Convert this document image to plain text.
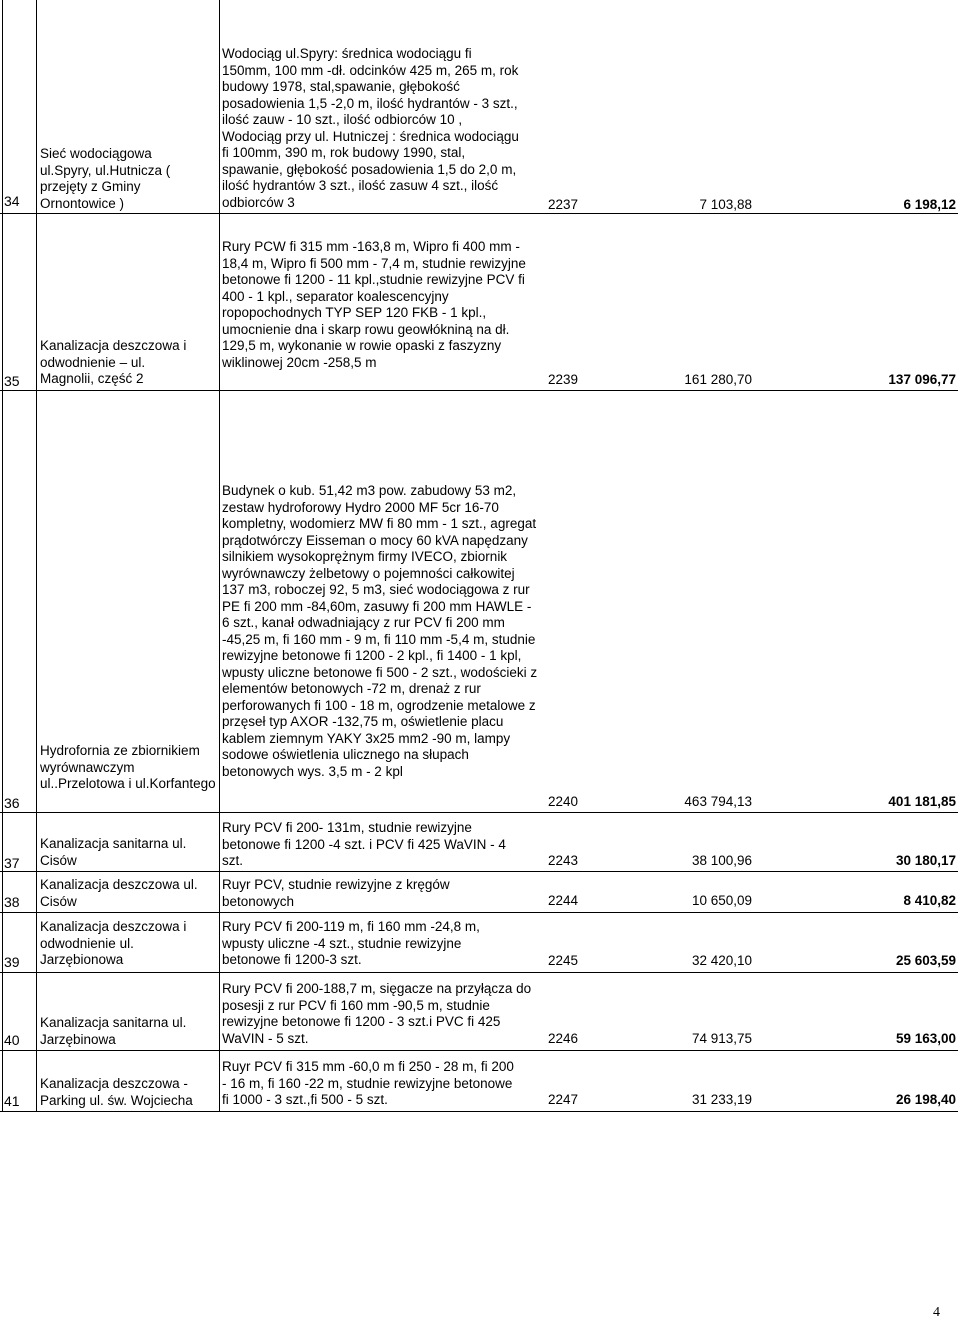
34
Sieć wodociągowa ul.Spyry, ul.Hutnicza ( przejęty z Gminy Ornontowice )
Wodociąg ul.Spyry: średnica wodociągu fi 150mm, 100 mm -dł. odcinków 425 m, 265 m, rok budowy 1978, stal,spawanie, głębokość posadowienia 1,5 -2,0 m, ilość hydrantów - 3 szt., ilość zauw - 10 szt., ilość odbiorców 10 , Wodociąg przy ul. Hutniczej : średnica wodociągu fi 100mm, 390 m, rok budowy 1990, stal, spawanie, głębokość posadowienia 1,5 do 2,0 m, ilość hydrantów 3 szt., ilość zasuw 4 szt., ilość odbiorców 3	2237	7 103,88	6 198,12
35
Kanalizacja deszczowa i odwodnienie – ul. Magnolii, część 2
Rury PCW fi 315 mm -163,8 m, Wipro fi 400 mm - 18,4 m, Wipro fi 500 mm - 7,4 m, studnie rewizyjne betonowe fi 1200 - 11 kpl.,studnie rewizyjne PCV fi 400 - 1 kpl., separator koalescencyjny ropopochodnych TYP SEP 120 FKB - 1 kpl., umocnienie dna i skarp rowu geowłókniną na dł. 129,5 m, wykonanie w rowie opaski z faszyzny wiklinowej 20cm -258,5 m
2239	161 280,70	137 096,77
36
Hydrofornia ze zbiornikiem wyrównawczym ul..Przelotowa i ul.Korfantego
Budynek o kub. 51,42 m3 pow. zabudowy 53 m2, zestaw hydroforowy Hydro 2000 MF 5cr 16-70 kompletny, wodomierz MW fi 80 mm - 1 szt., agregat prądotwórczy Eisseman o mocy 60 kVA napędzany silnikiem wysokoprężnym firmy IVECO, zbiornik wyrównawczy żelbetowy o pojemności całkowitej 137 m3, roboczej 92, 5 m3, sieć wodociągowa z rur PE fi 200 mm -84,60m, zasuwy fi 200 mm HAWLE - 6 szt., kanał odwadniający z rur PCV fi 200 mm -45,25 m, fi 160 mm - 9 m, fi 110 mm -5,4 m, studnie rewizyjne betonowe fi 1200 - 2 kpl., fi 1400 - 1 kpl, wpusty uliczne betonowe fi 500 - 2 szt., wodościeki z elementów betonowych -72 m, drenaż z rur perforowanych fi 100 - 18 m, ogrodzenie metalowe z przęseł typ AXOR -132,75 m, oświetlenie placu kablem ziemnym YAKY 3x25 mm2 -90 m, lampy sodowe oświetlenia ulicznego na słupach betonowych wys. 3,5 m - 2 kpl
2240	463 794,13	401 181,85
37
Kanalizacja sanitarna ul. Cisów
Rury PCV fi 200- 131m, studnie rewizyjne betonowe fi 1200 -4 szt. i PCV fi 425 WaVIN - 4 szt.	2243	38 100,96	30 180,17
38
Kanalizacja deszczowa ul. Cisów
Ruyr PCV, studnie rewizyjne z kręgów betonowych	2244	10 650,09	8 410,82
39
Kanalizacja deszczowa i odwodnienie ul. Jarzębionowa
Rury PCV fi 200-119 m, fi 160 mm -24,8 m, wpusty uliczne -4 szt., studnie rewizyjne betonowe fi 1200-3 szt.	2245	32 420,10	25 603,59
40
Kanalizacja sanitarna ul. Jarzębinowa
Rury PCV fi 200-188,7 m, sięgacze na przyłącza do posesji z rur PCV fi 160 mm -90,5 m, studnie rewizyjne betonowe fi 1200 - 3 szt.i PVC fi 425 WaVIN - 5 szt.	2246	74 913,75	59 163,00
41
Kanalizacja deszczowa -Parking ul. św. Wojciecha
Ruyr PCV fi 315 mm -60,0 m fi 250 - 28 m, fi 200 - 16 m, fi 160 -22 m, studnie rewizyjne betonowe fi 1000 - 3 szt.,fi 500 - 5 szt.	2247	31 233,19	26 198,40
4
